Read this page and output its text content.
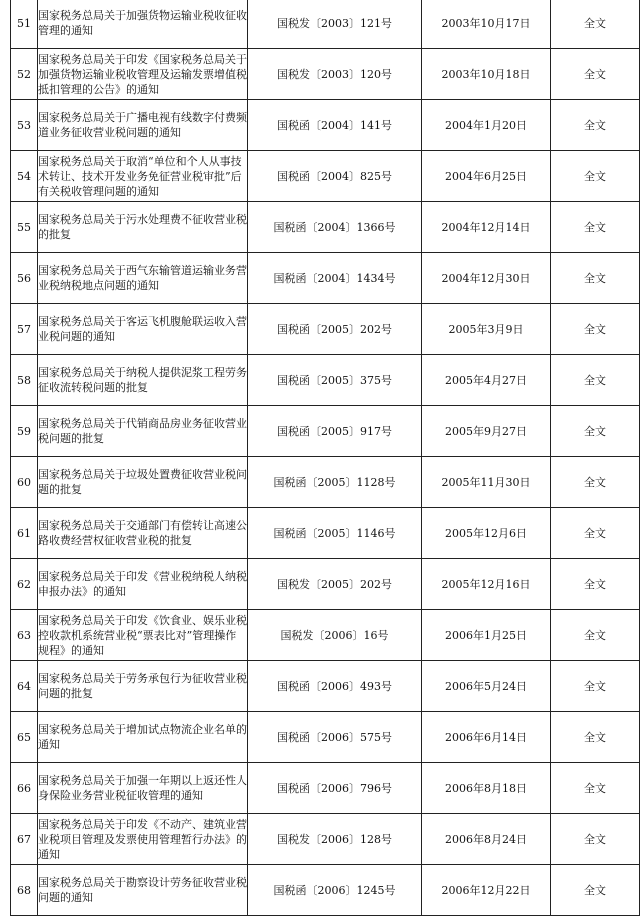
51	国家税务总局关于加强货物运输业税收征收管理的通知	国税发〔2003〕121号	2003年10月17日	全文
52	国家税务总局关于印发《国家税务总局关于加强货物运输业税收管理及运输发票增值税抵扣管理的公告》的通知	国税发〔2003〕120号	2003年10月18日	全文
53	国家税务总局关于广播电视有线数字付费频道业务征收营业税问题的通知	国税函〔2004〕141号	2004年1月20日	全文
54	国家税务总局关于取消“单位和个人从事技术转让、技术开发业务免征营业税审批”后有关税收管理问题的通知	国税函〔2004〕825号	2004年6月25日	全文
55	国家税务总局关于污水处理费不征收营业税的批复	国税函〔2004〕1366号	2004年12月14日	全文
56	国家税务总局关于西气东输管道运输业务营业税纳税地点问题的通知	国税函〔2004〕1434号	2004年12月30日	全文
57	国家税务总局关于客运飞机腹舱联运收入营业税问题的通知	国税函〔2005〕202号	2005年3月9日	全文
58	国家税务总局关于纳税人提供泥浆工程劳务征收流转税问题的批复	国税函〔2005〕375号	2005年4月27日	全文
59	国家税务总局关于代销商品房业务征收营业税问题的批复	国税函〔2005〕917号	2005年9月27日	全文
60	国家税务总局关于垃圾处置费征收营业税问题的批复	国税函〔2005〕1128号	2005年11月30日	全文
61	国家税务总局关于交通部门有偿转让高速公路收费经营权征收营业税的批复	国税函〔2005〕1146号	2005年12月6日	全文
62	国家税务总局关于印发《营业税纳税人纳税申报办法》的通知	国税发〔2005〕202号	2005年12月16日	全文
63	国家税务总局关于印发《饮食业、娱乐业税控收款机系统营业税“票表比对”管理操作规程》的通知	国税发〔2006〕16号	2006年1月25日	全文
64	国家税务总局关于劳务承包行为征收营业税问题的批复	国税函〔2006〕493号	2006年5月24日	全文
65	国家税务总局关于增加试点物流企业名单的通知	国税函〔2006〕575号	2006年6月14日	全文
66	国家税务总局关于加强一年期以上返还性人身保险业务营业税征收管理的通知	国税函〔2006〕796号	2006年8月18日	全文
67	国家税务总局关于印发《不动产、建筑业营业税项目管理及发票使用管理暂行办法》的通知	国税发〔2006〕128号	2006年8月24日	全文
68	国家税务总局关于勘察设计劳务征收营业税问题的通知	国税函〔2006〕1245号	2006年12月22日	全文
